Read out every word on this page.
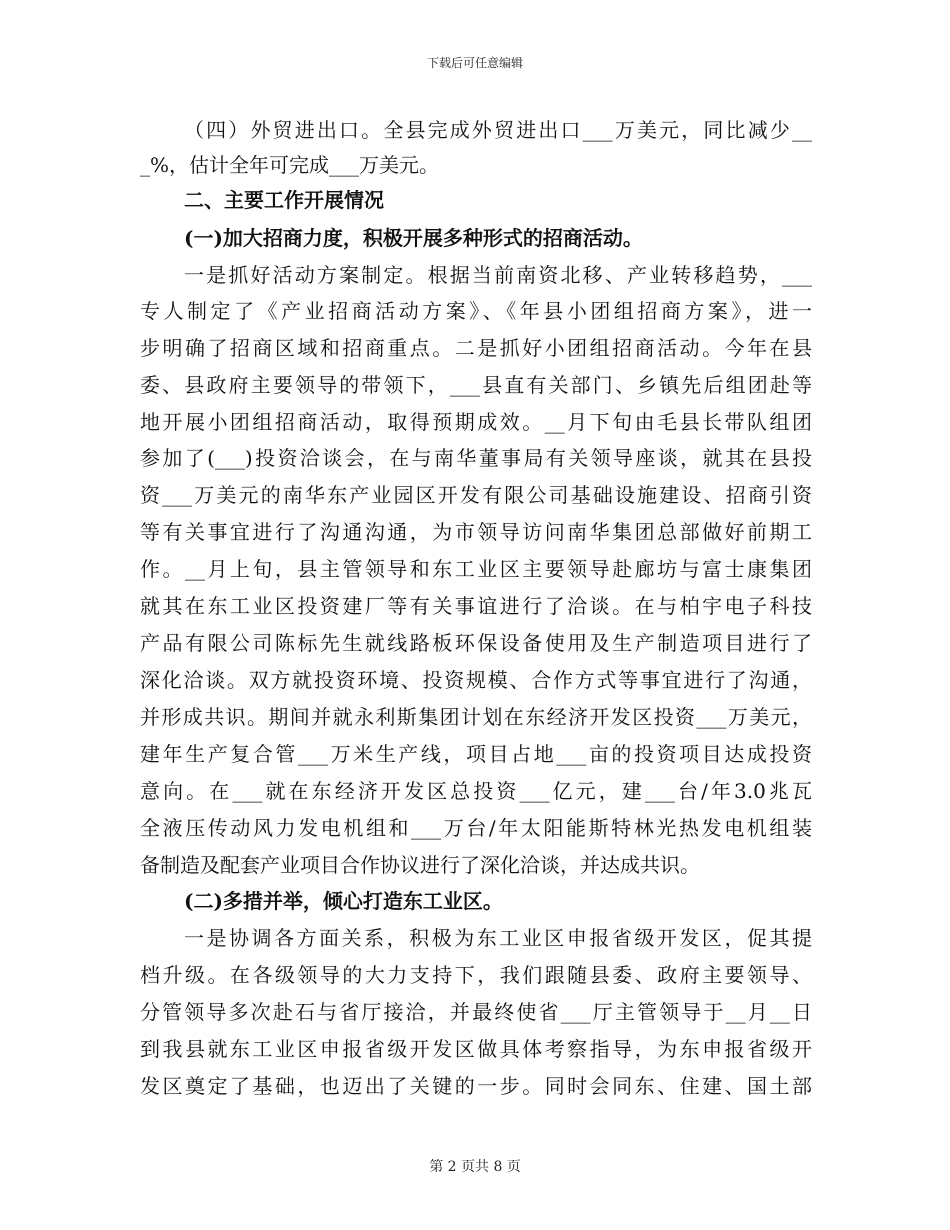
下载后可任意编辑
（四）外贸进出口。全县完成外贸进出口___万美元，同比减少__
_%，估计全年可完成___万美元。
二、主要工作开展情况
(一)加大招商力度，积极开展多种形式的招商活动。
一是抓好活动方案制定。根据当前南资北移、产业转移趋势，___
专人制定了《产业招商活动方案》、《年县小团组招商方案》，进一
步明确了招商区域和招商重点。二是抓好小团组招商活动。今年在县
委、县政府主要领导的带领下，___县直有关部门、乡镇先后组团赴等
地开展小团组招商活动，取得预期成效。__月下旬由毛县长带队组团
参加了(___)投资洽谈会，在与南华董事局有关领导座谈，就其在县投
资___万美元的南华东产业园区开发有限公司基础设施建设、招商引资
等有关事宜进行了沟通沟通，为市领导访问南华集团总部做好前期工
作。__月上旬，县主管领导和东工业区主要领导赴廊坊与富士康集团
就其在东工业区投资建厂等有关事谊进行了洽谈。在与柏宇电子科技
产品有限公司陈标先生就线路板环保设备使用及生产制造项目进行了
深化洽谈。双方就投资环境、投资规模、合作方式等事宜进行了沟通，
并形成共识。期间并就永利斯集团计划在东经济开发区投资___万美元，
建年生产复合管___万米生产线，项目占地___亩的投资项目达成投资
意向。在___就在东经济开发区总投资___亿元，建___台/年3.0兆瓦
全液压传动风力发电机组和___万台/年太阳能斯特林光热发电机组装
备制造及配套产业项目合作协议进行了深化洽谈，并达成共识。
(二)多措并举，倾心打造东工业区。
一是协调各方面关系，积极为东工业区申报省级开发区，促其提
档升级。在各级领导的大力支持下，我们跟随县委、政府主要领导、
分管领导多次赴石与省厅接洽，并最终使省___厅主管领导于__月__日
到我县就东工业区申报省级开发区做具体考察指导，为东申报省级开
发区奠定了基础，也迈出了关键的一步。同时会同东、住建、国土部
第 2 页共 8 页
